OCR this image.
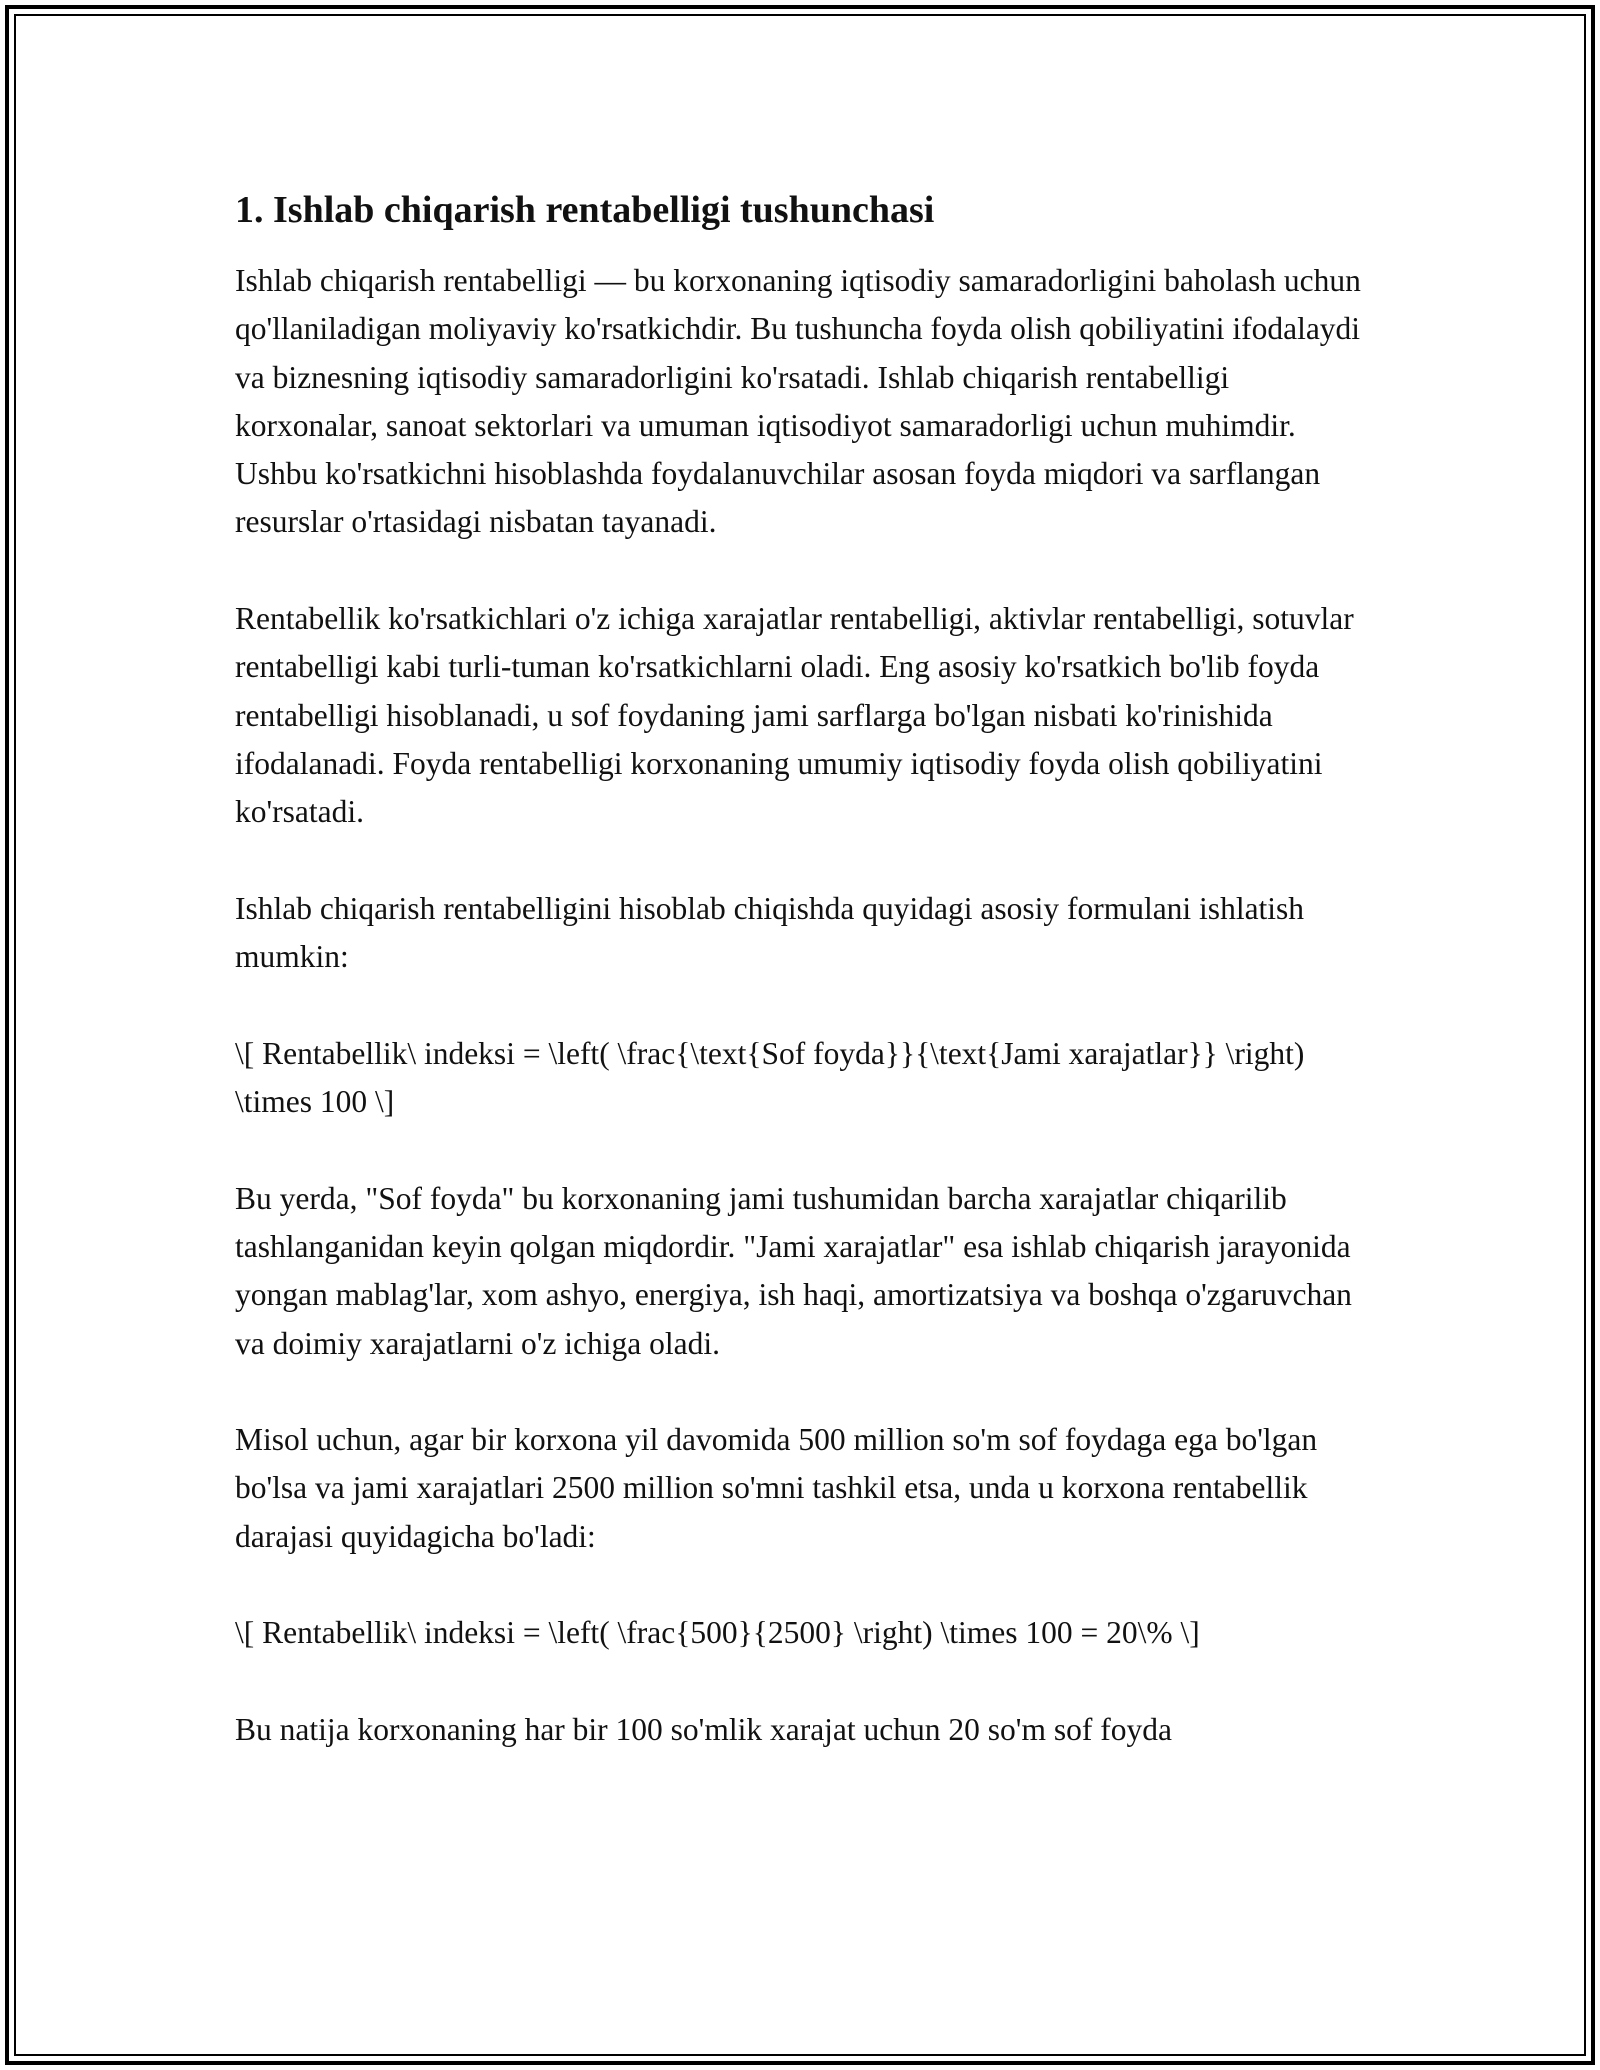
1. Ishlab chiqarish rentabelligi tushunchasi

Ishlab chiqarish rentabelligi — bu korxonaning iqtisodiy samaradorligini baholash uchun qo'llaniladigan moliyaviy ko'rsatkichdir. Bu tushuncha foyda olish qobiliyatini ifodalaydi va biznesning iqtisodiy samaradorligini ko'rsatadi. Ishlab chiqarish rentabelligi korxonalar, sanoat sektorlari va umuman iqtisodiyot samaradorligi uchun muhimdir. Ushbu ko'rsatkichni hisoblashda foydalanuvchilar asosan foyda miqdori va sarflangan resurslar o'rtasidagi nisbatan tayanadi.

Rentabellik ko'rsatkichlari o'z ichiga xarajatlar rentabelligi, aktivlar rentabelligi, sotuvlar rentabelligi kabi turli-tuman ko'rsatkichlarni oladi. Eng asosiy ko'rsatkich bo'lib foyda rentabelligi hisoblanadi, u sof foydaning jami sarflarga bo'lgan nisbati ko'rinishida ifodalanadi. Foyda rentabelligi korxonaning umumiy iqtisodiy foyda olish qobiliyatini ko'rsatadi.

Ishlab chiqarish rentabelligini hisoblab chiqishda quyidagi asosiy formulani ishlatish mumkin:

\[ Rentabellik\ indeksi = \left( \frac{\text{Sof foyda}}{\text{Jami xarajatlar}} \right) \times 100 \]

Bu yerda, "Sof foyda" bu korxonaning jami tushumidan barcha xarajatlar chiqarilib tashlanganidan keyin qolgan miqdordir. "Jami xarajatlar" esa ishlab chiqarish jarayonida yongan mablag'lar, xom ashyo, energiya, ish haqi, amortizatsiya va boshqa o'zgaruvchan va doimiy xarajatlarni o'z ichiga oladi.

Misol uchun, agar bir korxona yil davomida 500 million so'm sof foydaga ega bo'lgan bo'lsa va jami xarajatlari 2500 million so'mni tashkil etsa, unda u korxona rentabellik darajasi quyidagicha bo'ladi:

\[ Rentabellik\ indeksi = \left( \frac{500}{2500} \right) \times 100 = 20\% \]

Bu natija korxonaning har bir 100 so'mlik xarajat uchun 20 so'm sof foyda
